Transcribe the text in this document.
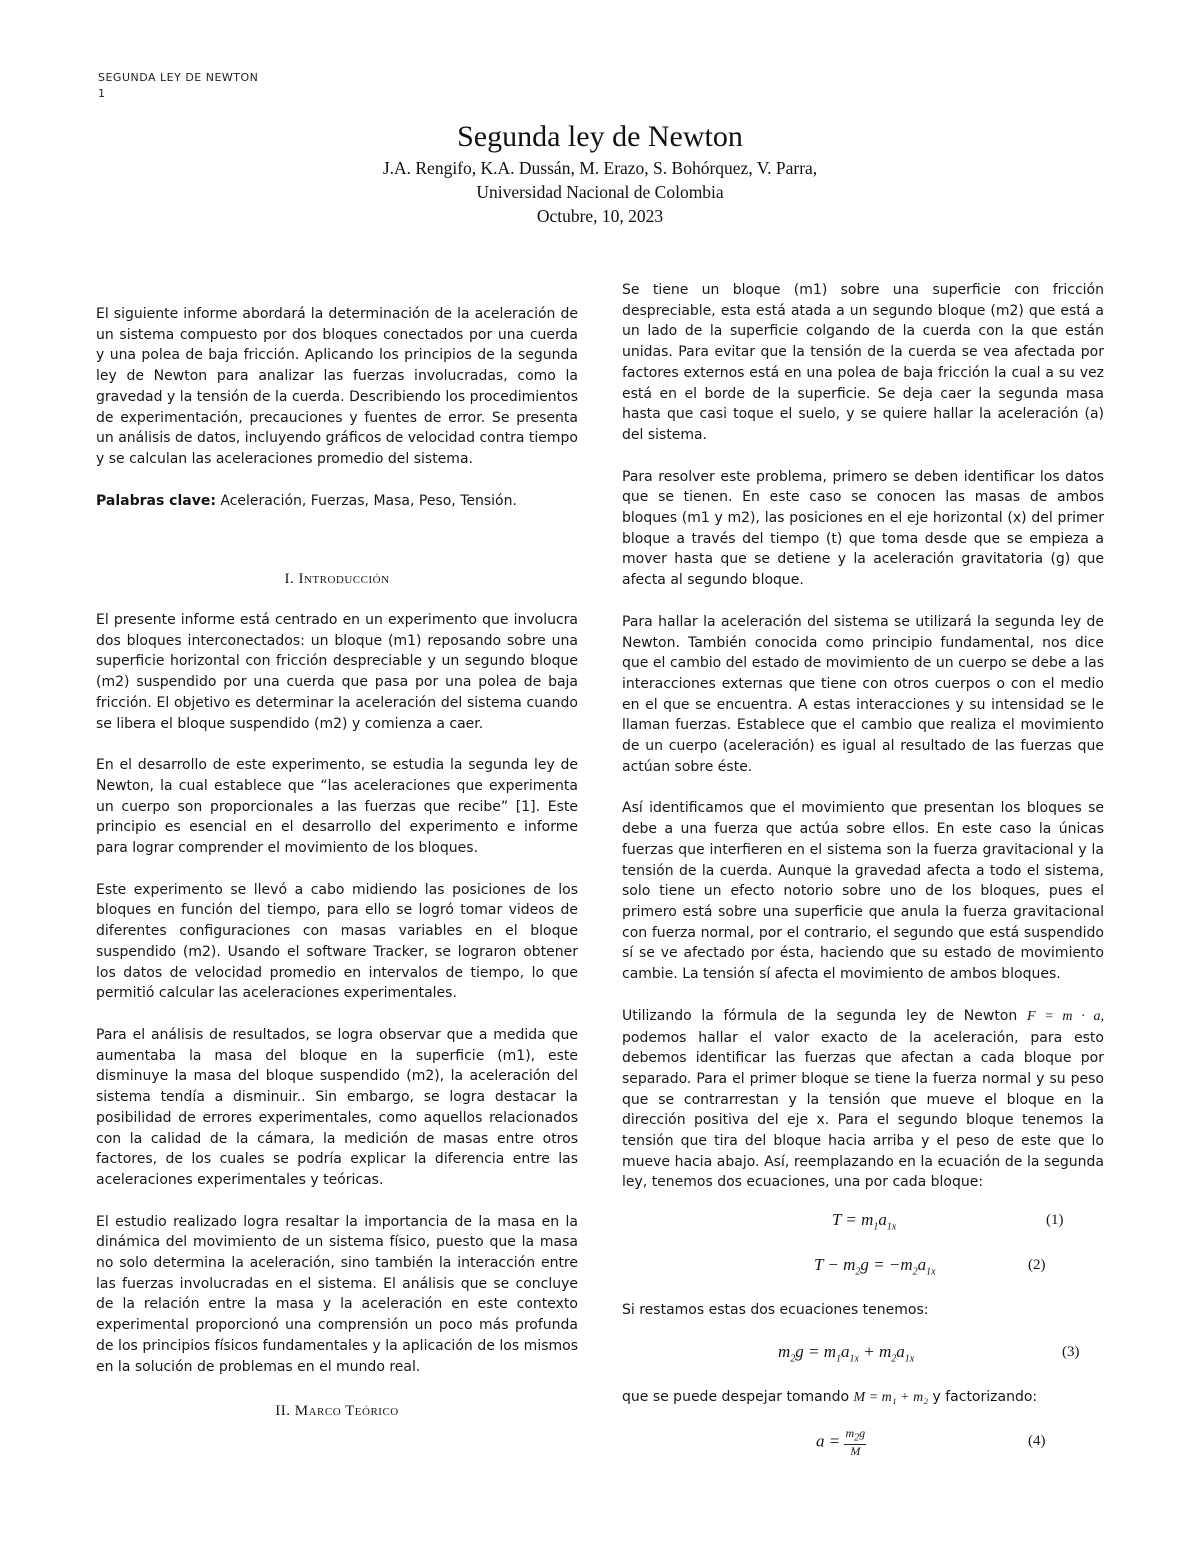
SEGUNDA LEY DE NEWTON
1
Segunda ley de Newton
J.A. Rengifo, K.A. Dussán, M. Erazo, S. Bohórquez, V. Parra,
Universidad Nacional de Colombia
Octubre, 10, 2023

El siguiente informe abordará la determinación de la aceleración de un sistema compuesto por dos bloques conectados por una cuerda y una polea de baja fricción. Aplicando los principios de la segunda ley de Newton para analizar las fuerzas involucradas, como la gravedad y la tensión de la cuerda. Describiendo los procedimientos de experimentación, precauciones y fuentes de error. Se presenta un análisis de datos, incluyendo gráficos de velocidad contra tiempo y se calculan las aceleraciones promedio del sistema.

Palabras clave: Aceleración, Fuerzas, Masa, Peso, Tensión.

I. Introducción

El presente informe está centrado en un experimento que involucra dos bloques interconectados: un bloque (m1) reposando sobre una superficie horizontal con fricción despreciable y un segundo bloque (m2) suspendido por una cuerda que pasa por una polea de baja fricción. El objetivo es determinar la aceleración del sistema cuando se libera el bloque suspendido (m2) y comienza a caer.

En el desarrollo de este experimento, se estudia la segunda ley de Newton, la cual establece que “las aceleraciones que experimenta un cuerpo son proporcionales a las fuerzas que recibe” [1]. Este principio es esencial en el desarrollo del experimento e informe para lograr comprender el movimiento de los bloques.

Este experimento se llevó a cabo midiendo las posiciones de los bloques en función del tiempo, para ello se logró tomar videos de diferentes configuraciones con masas variables en el bloque suspendido (m2). Usando el software Tracker, se lograron obtener los datos de velocidad promedio en intervalos de tiempo, lo que permitió calcular las aceleraciones experimentales.

Para el análisis de resultados, se logra observar que a medida que aumentaba la masa del bloque en la superficie (m1), este disminuye la masa del bloque suspendido (m2), la aceleración del sistema tendía a disminuir.. Sin embargo, se logra destacar la posibilidad de errores experimentales, como aquellos relacionados con la calidad de la cámara, la medición de masas entre otros factores, de los cuales se podría explicar la diferencia entre las aceleraciones experimentales y teóricas.

El estudio realizado logra resaltar la importancia de la masa en la dinámica del movimiento de un sistema físico, puesto que la masa no solo determina la aceleración, sino también la interacción entre las fuerzas involucradas en el sistema. El análisis que se concluye de la relación entre la masa y la aceleración en este contexto experimental proporcionó una comprensión un poco más profunda de los principios físicos fundamentales y la aplicación de los mismos en la solución de problemas en el mundo real.

II. Marco Teórico

Se tiene un bloque (m1) sobre una superficie con fricción despreciable, esta está atada a un segundo bloque (m2) que está a un lado de la superficie colgando de la cuerda con la que están unidas. Para evitar que la tensión de la cuerda se vea afectada por factores externos está en una polea de baja fricción la cual a su vez está en el borde de la superficie. Se deja caer la segunda masa hasta que casi toque el suelo, y se quiere hallar la aceleración (a) del sistema.

Para resolver este problema, primero se deben identificar los datos que se tienen. En este caso se conocen las masas de ambos bloques (m1 y m2), las posiciones en el eje horizontal (x) del primer bloque a través del tiempo (t) que toma desde que se empieza a mover hasta que se detiene y la aceleración gravitatoria (g) que afecta al segundo bloque.

Para hallar la aceleración del sistema se utilizará la segunda ley de Newton. También conocida como principio fundamental, nos dice que el cambio del estado de movimiento de un cuerpo se debe a las interacciones externas que tiene con otros cuerpos o con el medio en el que se encuentra. A estas interacciones y su intensidad se le llaman fuerzas. Establece que el cambio que realiza el movimiento de un cuerpo (aceleración) es igual al resultado de las fuerzas que actúan sobre éste.

Así identificamos que el movimiento que presentan los bloques se debe a una fuerza que actúa sobre ellos. En este caso la únicas fuerzas que interfieren en el sistema son la fuerza gravitacional y la tensión de la cuerda. Aunque la gravedad afecta a todo el sistema, solo tiene un efecto notorio sobre uno de los bloques, pues el primero está sobre una superficie que anula la fuerza gravitacional con fuerza normal, por el contrario, el segundo que está suspendido sí se ve afectado por ésta, haciendo que su estado de movimiento cambie. La tensión sí afecta el movimiento de ambos bloques.

Utilizando la fórmula de la segunda ley de Newton F = m · a, podemos hallar el valor exacto de la aceleración, para esto debemos identificar las fuerzas que afectan a cada bloque por separado. Para el primer bloque se tiene la fuerza normal y su peso que se contrarrestan y la tensión que mueve el bloque en la dirección positiva del eje x. Para el segundo bloque tenemos la tensión que tira del bloque hacia arriba y el peso de este que lo mueve hacia abajo. Así, reemplazando en la ecuación de la segunda ley, tenemos dos ecuaciones, una por cada bloque:

$T = m_1a_{1x}$	(1)
$T - m_2g = -m_2a_{1x}$	(2)

Si restamos estas dos ecuaciones tenemos:

$m_2g = m_1a_{1x} + m_2a_{1x}$	(3)

que se puede despejar tomando M = m₁ + m₂ y factorizando:

$a = \frac{m_2g}{M}$	(4)
